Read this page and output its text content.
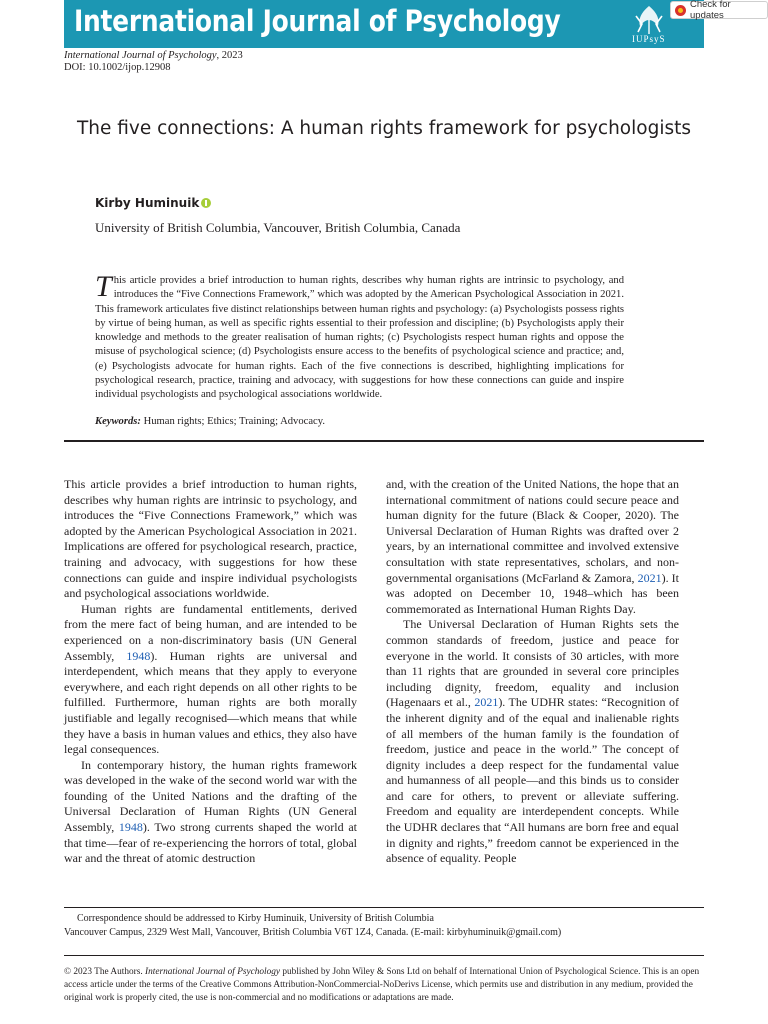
International Journal of Psychology
IUPsyS
Check for updates
International Journal of Psychology, 2023
DOI: 10.1002/ijop.12908
The five connections: A human rights framework for psychologists
Kirby Huminuik
University of British Columbia, Vancouver, British Columbia, Canada
This article provides a brief introduction to human rights, describes why human rights are intrinsic to psychology, and introduces the “Five Connections Framework,” which was adopted by the American Psychological Association in 2021. This framework articulates five distinct relationships between human rights and psychology: (a) Psychologists possess rights by virtue of being human, as well as specific rights essential to their profession and discipline; (b) Psychologists apply their knowledge and methods to the greater realisation of human rights; (c) Psychologists respect human rights and oppose the misuse of psychological science; (d) Psychologists ensure access to the benefits of psychological science and practice; and, (e) Psychologists advocate for human rights. Each of the five connections is described, highlighting implications for psychological research, practice, training and advocacy, with suggestions for how these connections can guide and inspire individual psychologists and psychological associations worldwide.
Keywords: Human rights; Ethics; Training; Advocacy.

This article provides a brief introduction to human rights, describes why human rights are intrinsic to psychology, and introduces the “Five Connections Framework,” which was adopted by the American Psychological Association in 2021. Implications are offered for psychological research, practice, training and advocacy, with suggestions for how these connections can guide and inspire individual psychologists and psychological associations worldwide.

Human rights are fundamental entitlements, derived from the mere fact of being human, and are intended to be experienced on a non-discriminatory basis (UN General Assembly, 1948). Human rights are universal and interdependent, which means that they apply to everyone everywhere, and each right depends on all other rights to be fulfilled. Furthermore, human rights are both morally justifiable and legally recognised—which means that while they have a basis in human values and ethics, they also have legal consequences.

In contemporary history, the human rights framework was developed in the wake of the second world war with the founding of the United Nations and the drafting of the Universal Declaration of Human Rights (UN General Assembly, 1948). Two strong currents shaped the world at that time—fear of re-experiencing the horrors of total, global war and the threat of atomic destruction

and, with the creation of the United Nations, the hope that an international commitment of nations could secure peace and human dignity for the future (Black & Cooper, 2020). The Universal Declaration of Human Rights was drafted over 2 years, by an international committee and involved extensive consultation with state representatives, scholars, and non-governmental organisations (McFarland & Zamora, 2021). It was adopted on December 10, 1948–which has been commemorated as International Human Rights Day.

The Universal Declaration of Human Rights sets the common standards of freedom, justice and peace for everyone in the world. It consists of 30 articles, with more than 11 rights that are grounded in several core principles including dignity, freedom, equality and inclusion (Hagenaars et al., 2021). The UDHR states: “Recognition of the inherent dignity and of the equal and inalienable rights of all members of the human family is the foundation of freedom, justice and peace in the world.” The concept of dignity includes a deep respect for the fundamental value and humanness of all people—and this binds us to consider and care for others, to prevent or alleviate suffering. Freedom and equality are interdependent concepts. While the UDHR declares that “All humans are born free and equal in dignity and rights,” freedom cannot be experienced in the absence of equality. People

Correspondence should be addressed to Kirby Huminuik, University of British Columbia
Vancouver Campus, 2329 West Mall, Vancouver, British Columbia V6T 1Z4, Canada. (E-mail: kirbyhuminuik@gmail.com)
© 2023 The Authors. International Journal of Psychology published by John Wiley & Sons Ltd on behalf of International Union of Psychological Science. This is an open access article under the terms of the Creative Commons Attribution-NonCommercial-NoDerivs License, which permits use and distribution in any medium, provided the original work is properly cited, the use is non-commercial and no modifications or adaptations are made.
